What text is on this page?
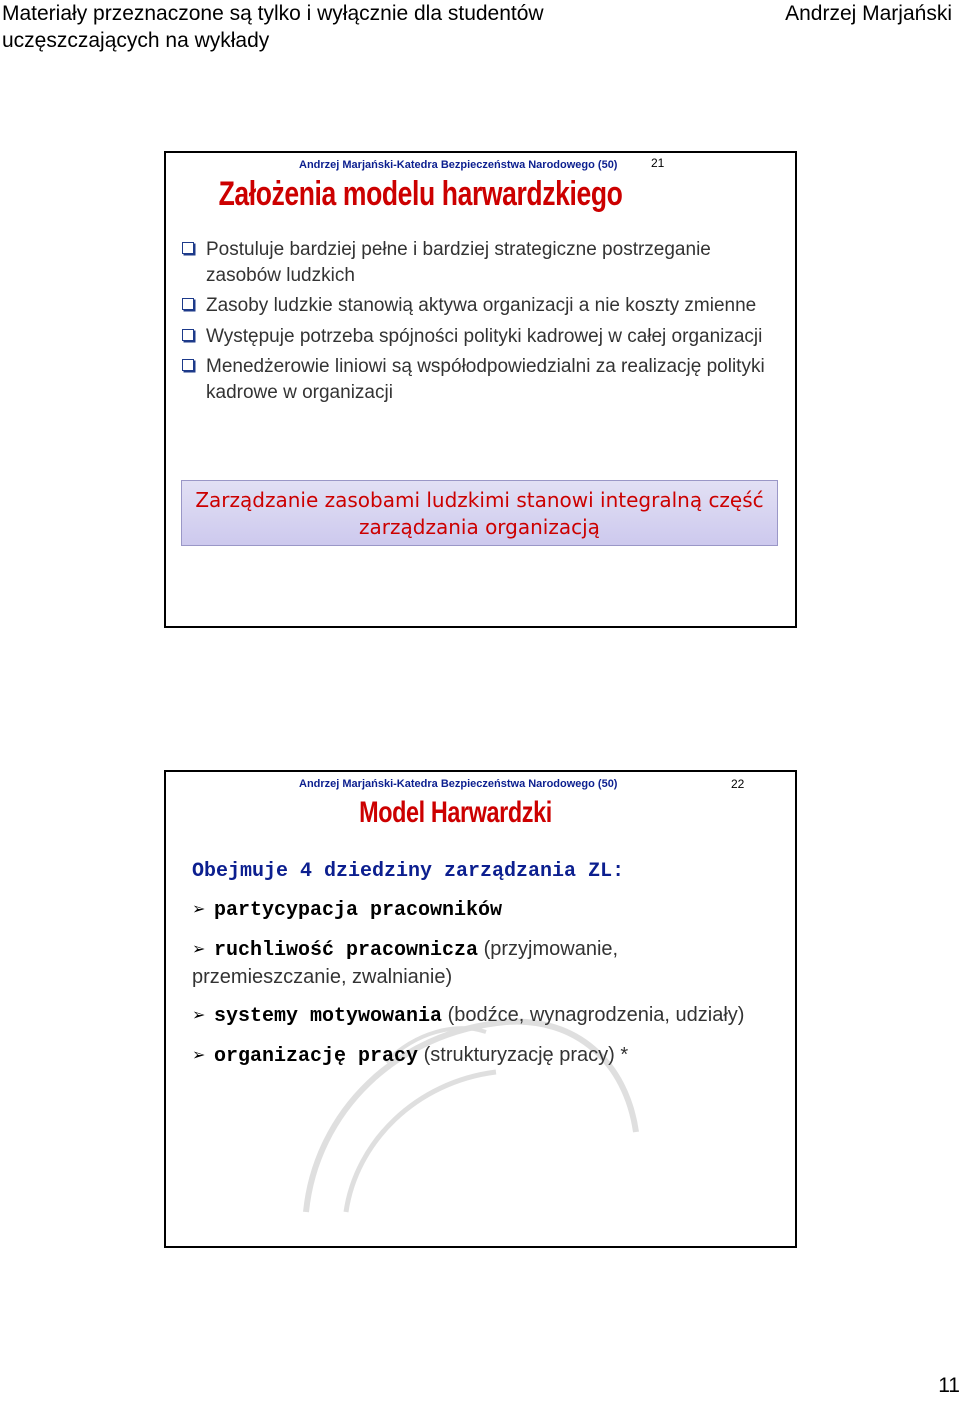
Materiały przeznaczone są tylko i wyłącznie dla studentów
uczęszczających na wykłady
Andrzej Marjański
Andrzej Marjański-Katedra Bezpieczeństwa Narodowego (50)	21
Założenia modelu harwardzkiego
Postuluje bardziej pełne i bardziej strategiczne postrzeganie zasobów ludzkich
Zasoby ludzkie stanowią aktywa organizacji a nie koszty zmienne
Występuje potrzeba spójności polityki kadrowej w całej organizacji
Menedżerowie liniowi są współodpowiedzialni za realizację polityki kadrowe w organizacji
Zarządzanie zasobami ludzkimi stanowi integralną część
zarządzania organizacją
Andrzej Marjański-Katedra Bezpieczeństwa Narodowego (50)	22
Model Harwardzki
Obejmuje 4 dziedziny zarządzania ZL:
➢ partycypacja pracowników
➢ ruchliwość pracownicza (przyjmowanie, przemieszczanie, zwalnianie)
➢ systemy motywowania (bodźce, wynagrodzenia, udziały)
➢ organizację pracy (strukturyzację pracy) *
11
